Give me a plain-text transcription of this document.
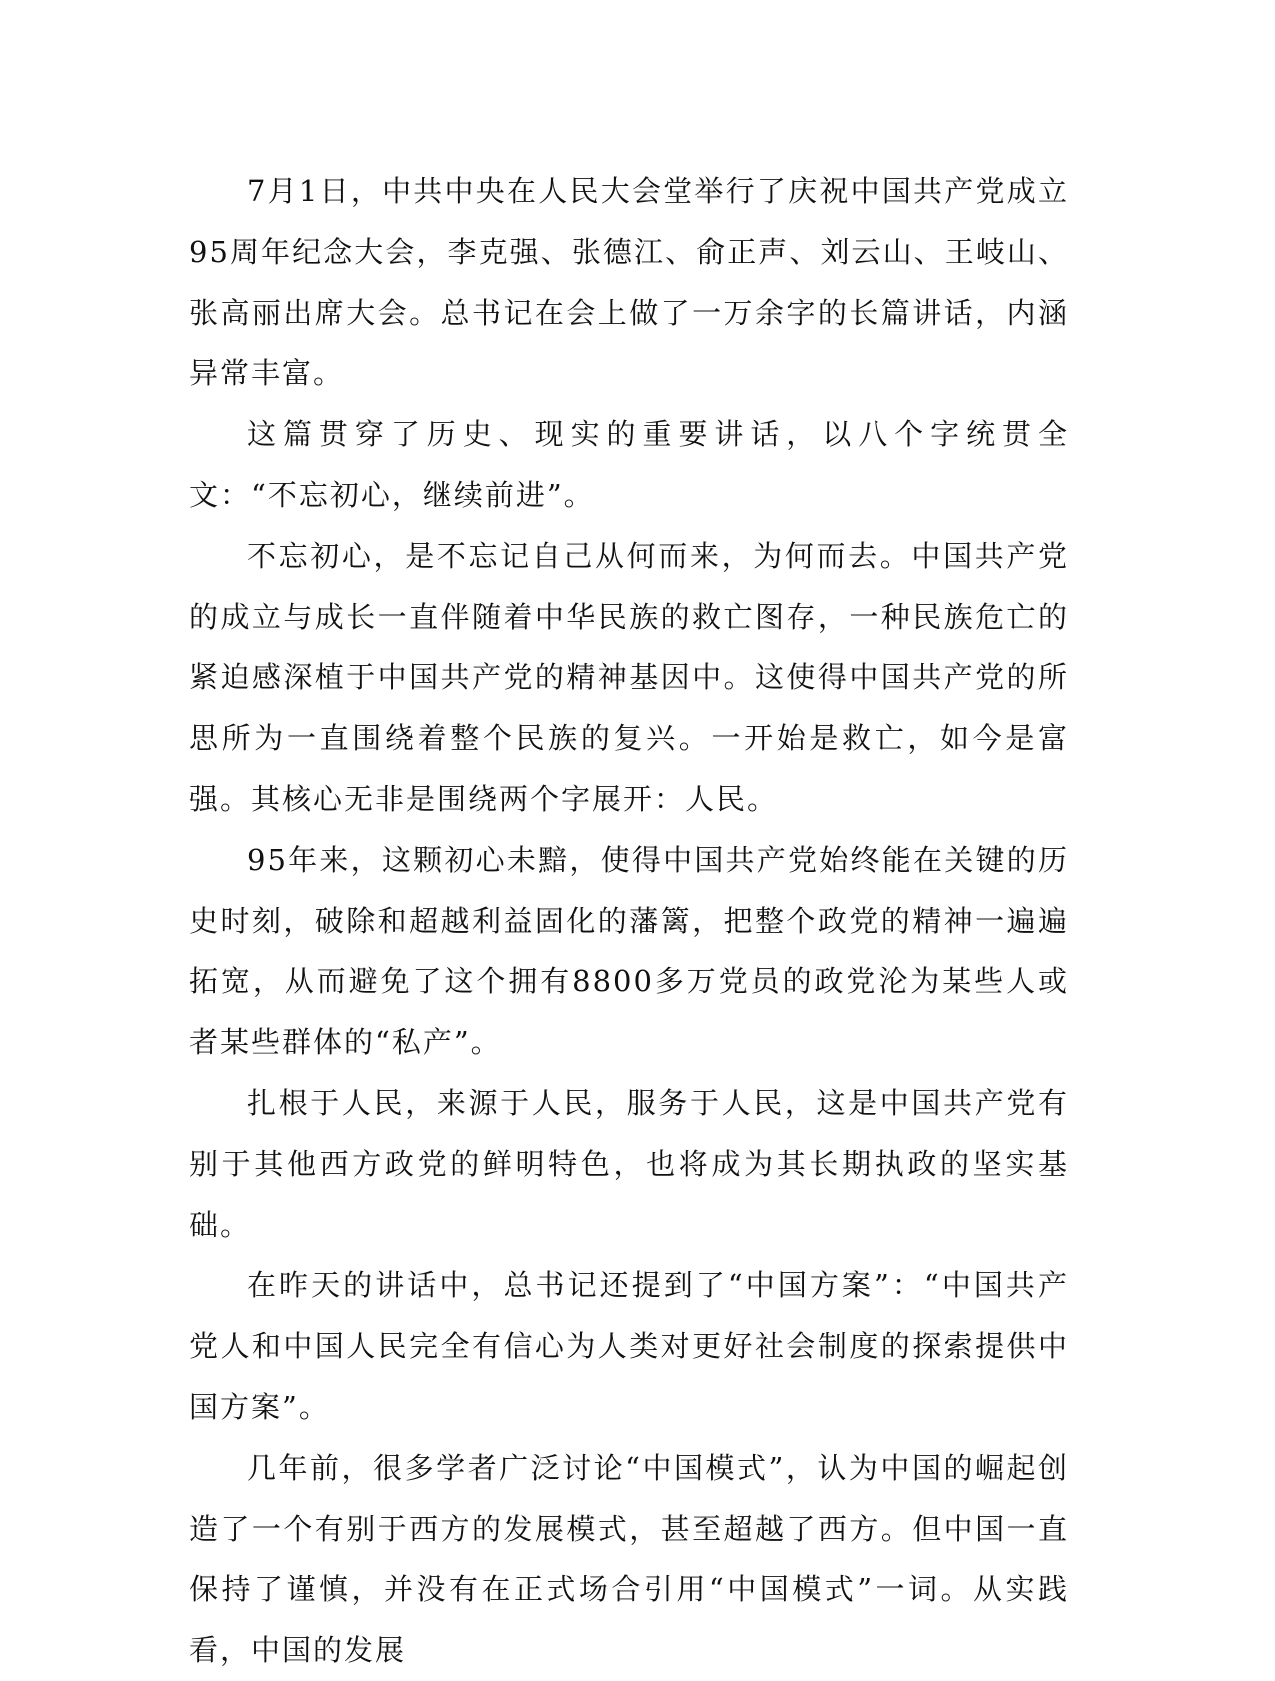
7月1日，中共中央在人民大会堂举行了庆祝中国共产党成立95周年纪念大会，李克强、张德江、俞正声、刘云山、王岐山、张高丽出席大会。总书记在会上做了一万余字的长篇讲话，内涵异常丰富。

这篇贯穿了历史、现实的重要讲话，以八个字统贯全文：“不忘初心，继续前进”。

不忘初心，是不忘记自己从何而来，为何而去。中国共产党的成立与成长一直伴随着中华民族的救亡图存，一种民族危亡的紧迫感深植于中国共产党的精神基因中。这使得中国共产党的所思所为一直围绕着整个民族的复兴。一开始是救亡，如今是富强。其核心无非是围绕两个字展开：人民。

95年来，这颗初心未黯，使得中国共产党始终能在关键的历史时刻，破除和超越利益固化的藩篱，把整个政党的精神一遍遍拓宽，从而避免了这个拥有8800多万党员的政党沦为某些人或者某些群体的“私产”。

扎根于人民，来源于人民，服务于人民，这是中国共产党有别于其他西方政党的鲜明特色，也将成为其长期执政的坚实基础。

在昨天的讲话中，总书记还提到了“中国方案”：“中国共产党人和中国人民完全有信心为人类对更好社会制度的探索提供中国方案”。

几年前，很多学者广泛讨论“中国模式”，认为中国的崛起创造了一个有别于西方的发展模式，甚至超越了西方。但中国一直保持了谨慎，并没有在正式场合引用“中国模式”一词。从实践看，中国的发展
